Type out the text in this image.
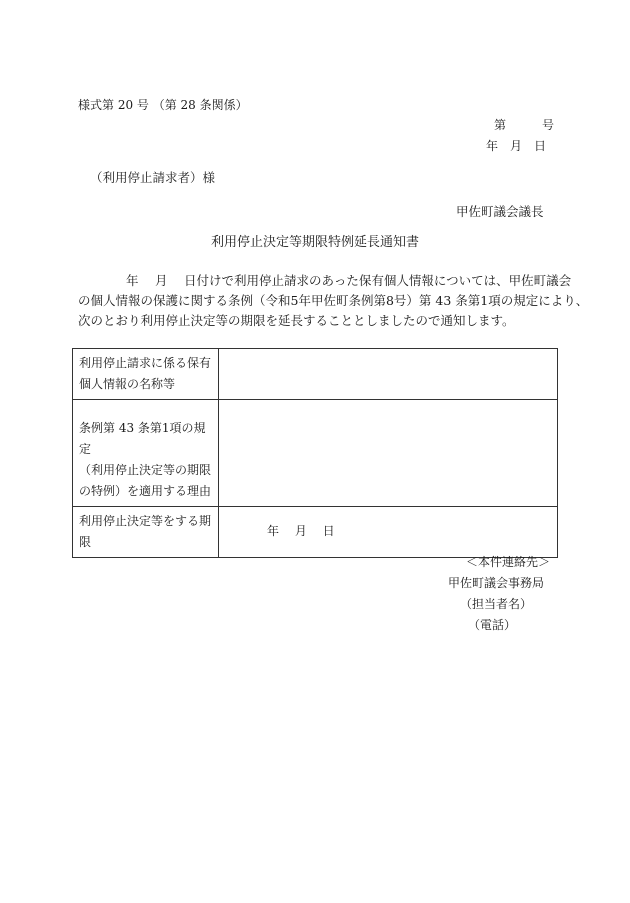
様式第 20 号 （第 28 条関係）
第　　　号
年　月　日
（利用停止請求者）様
甲佐町議会議長
利用停止決定等期限特例延長通知書
年　 月　 日付けで利用停止請求のあった保有個人情報については、甲佐町議会
の個人情報の保護に関する条例（令和5年甲佐町条例第8号）第 43 条第1項の規定により、
次のとおり利用停止決定等の期限を延長することとしましたので通知します。
利用停止請求に係る保有
個人情報の名称等	
条例第 43 条第1項の規定
（利用停止決定等の期限
の特例）を適用する理由	
利用停止決定等をする期
限	年　 月　 日
＜本件連絡先＞
甲佐町議会事務局
（担当者名）
（電話）
